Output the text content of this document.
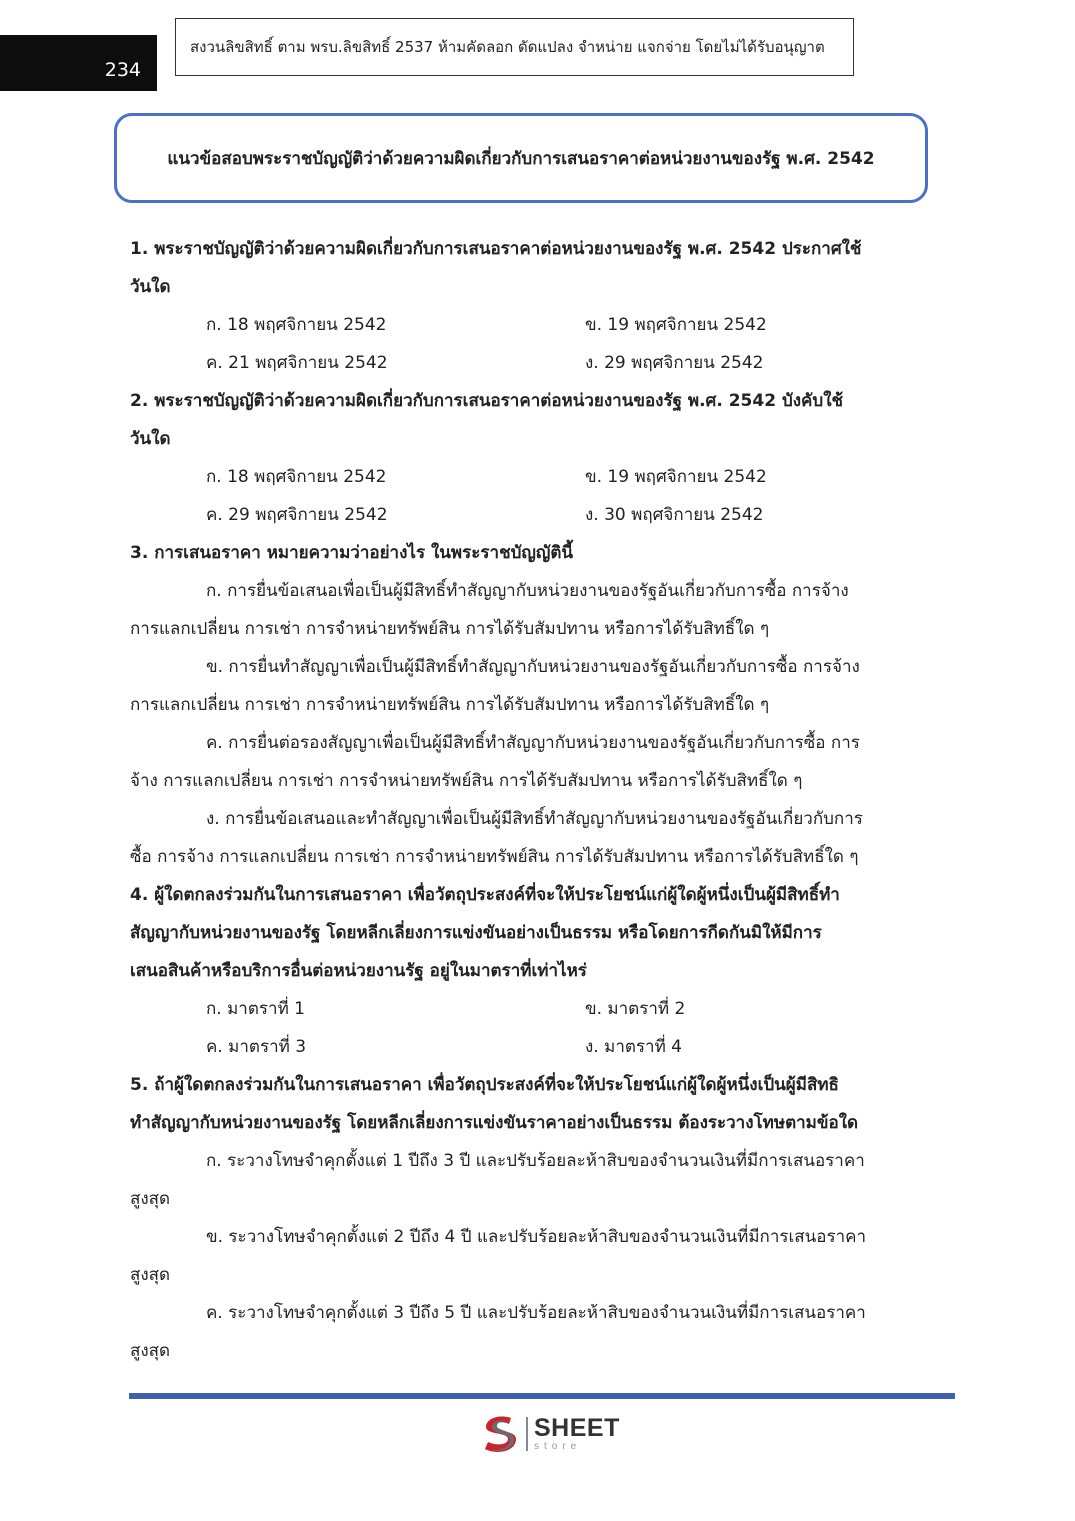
234
สงวนลิขสิทธิ์ ตาม พรบ.ลิขสิทธิ์ 2537 ห้ามคัดลอก ดัดแปลง จำหน่าย แจกจ่าย โดยไม่ได้รับอนุญาต
แนวข้อสอบพระราชบัญญัติว่าด้วยความผิดเกี่ยวกับการเสนอราคาต่อหน่วยงานของรัฐ พ.ศ. 2542
1. พระราชบัญญัติว่าด้วยความผิดเกี่ยวกับการเสนอราคาต่อหน่วยงานของรัฐ พ.ศ. 2542 ประกาศใช้
วันใด
ก. 18 พฤศจิกายน 2542	ข. 19 พฤศจิกายน 2542
ค. 21 พฤศจิกายน 2542	ง. 29 พฤศจิกายน 2542
2. พระราชบัญญัติว่าด้วยความผิดเกี่ยวกับการเสนอราคาต่อหน่วยงานของรัฐ พ.ศ. 2542 บังคับใช้
วันใด
ก. 18 พฤศจิกายน 2542	ข. 19 พฤศจิกายน 2542
ค. 29 พฤศจิกายน 2542	ง. 30 พฤศจิกายน 2542
3. การเสนอราคา หมายความว่าอย่างไร ในพระราชบัญญัตินี้
ก. การยื่นข้อเสนอเพื่อเป็นผู้มีสิทธิ์ทำสัญญากับหน่วยงานของรัฐอันเกี่ยวกับการซื้อ การจ้าง
การแลกเปลี่ยน การเช่า การจำหน่ายทรัพย์สิน การได้รับสัมปทาน หรือการได้รับสิทธิ์ใด ๆ
ข. การยื่นทำสัญญาเพื่อเป็นผู้มีสิทธิ์ทำสัญญากับหน่วยงานของรัฐอันเกี่ยวกับการซื้อ การจ้าง
การแลกเปลี่ยน การเช่า การจำหน่ายทรัพย์สิน การได้รับสัมปทาน หรือการได้รับสิทธิ์ใด ๆ
ค. การยื่นต่อรองสัญญาเพื่อเป็นผู้มีสิทธิ์ทำสัญญากับหน่วยงานของรัฐอันเกี่ยวกับการซื้อ การ
จ้าง การแลกเปลี่ยน การเช่า การจำหน่ายทรัพย์สิน การได้รับสัมปทาน หรือการได้รับสิทธิ์ใด ๆ
ง. การยื่นข้อเสนอและทำสัญญาเพื่อเป็นผู้มีสิทธิ์ทำสัญญากับหน่วยงานของรัฐอันเกี่ยวกับการ
ซื้อ การจ้าง การแลกเปลี่ยน การเช่า การจำหน่ายทรัพย์สิน การได้รับสัมปทาน หรือการได้รับสิทธิ์ใด ๆ
4. ผู้ใดตกลงร่วมกันในการเสนอราคา เพื่อวัตถุประสงค์ที่จะให้ประโยชน์แก่ผู้ใดผู้หนึ่งเป็นผู้มีสิทธิ์ทำ
สัญญากับหน่วยงานของรัฐ โดยหลีกเลี่ยงการแข่งขันอย่างเป็นธรรม หรือโดยการกีดกันมิให้มีการ
เสนอสินค้าหรือบริการอื่นต่อหน่วยงานรัฐ อยู่ในมาตราที่เท่าไหร่
ก. มาตราที่ 1	ข. มาตราที่ 2
ค. มาตราที่ 3	ง. มาตราที่ 4
5. ถ้าผู้ใดตกลงร่วมกันในการเสนอราคา เพื่อวัตถุประสงค์ที่จะให้ประโยชน์แก่ผู้ใดผู้หนึ่งเป็นผู้มีสิทธิ
ทำสัญญากับหน่วยงานของรัฐ โดยหลีกเลี่ยงการแข่งขันราคาอย่างเป็นธรรม ต้องระวางโทษตามข้อใด
ก. ระวางโทษจำคุกตั้งแต่ 1 ปีถึง 3 ปี และปรับร้อยละห้าสิบของจำนวนเงินที่มีการเสนอราคา
สูงสุด
ข. ระวางโทษจำคุกตั้งแต่ 2 ปีถึง 4 ปี และปรับร้อยละห้าสิบของจำนวนเงินที่มีการเสนอราคา
สูงสุด
ค. ระวางโทษจำคุกตั้งแต่ 3 ปีถึง 5 ปี และปรับร้อยละห้าสิบของจำนวนเงินที่มีการเสนอราคา
สูงสุด
SHEET
store
